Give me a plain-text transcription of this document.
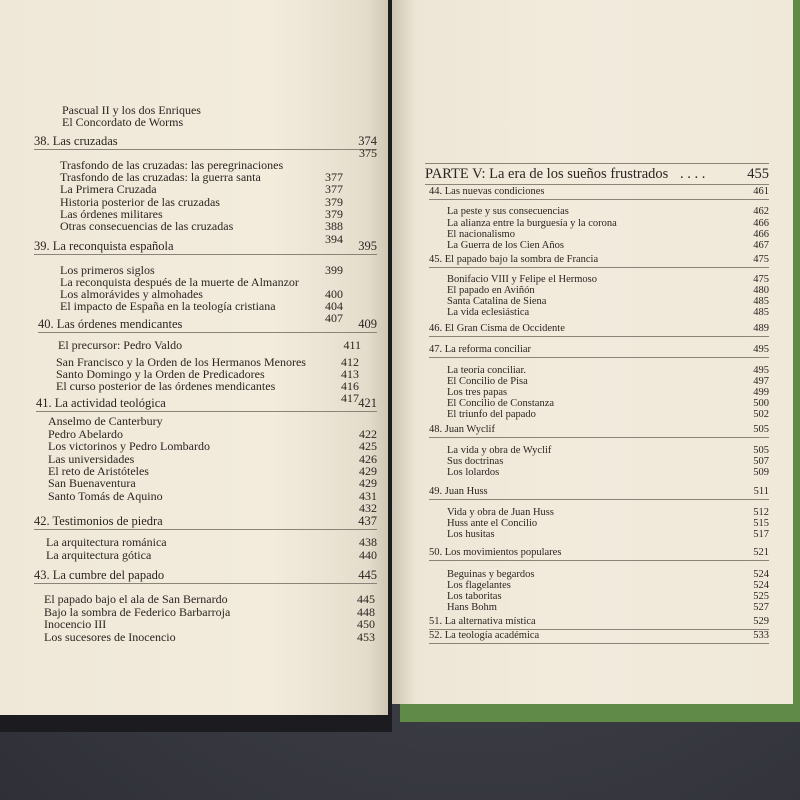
Pascual II y los dos Enriques
El Concordato de Worms
38. Las cruzadas	374
375
Trasfondo de las cruzadas: las peregrinaciones
Trasfondo de las cruzadas: la guerra santa	377
La Primera Cruzada	377
Historia posterior de las cruzadas	379
Las órdenes militares	379
Otras consecuencias de las cruzadas	388
394
39. La reconquista española	395
Los primeros siglos	399
La reconquista después de la muerte de Almanzor
Los almorávides y almohades	400
El impacto de España en la teología cristiana	404
407
40. Las órdenes mendicantes	409
El precursor: Pedro Valdo	411
San Francisco y la Orden de los Hermanos Menores	412
Santo Domingo y la Orden de Predicadores	413
El curso posterior de las órdenes mendicantes	416
417
41. La actividad teológica	421
Anselmo de Canterbury
Pedro Abelardo	422
Los victorinos y Pedro Lombardo	425
Las universidades	426
El reto de Aristóteles	429
San Buenaventura	429
Santo Tomás de Aquino	431
432
42. Testimonios de piedra	437
La arquitectura románica	438
La arquitectura gótica	440
43. La cumbre del papado	445
El papado bajo el ala de San Bernardo	445
Bajo la sombra de Federico Barbarroja	448
Inocencio III	450
Los sucesores de Inocencio	453
44. Las nuevas condiciones	461
La peste y sus consecuencias	462
La alianza entre la burguesía y la corona	466
El nacionalismo	466
La Guerra de los Cien Años	467
45. El papado bajo la sombra de Francia	475
Bonifacio VIII y Felipe el Hermoso	475
El papado en Aviñón	480
Santa Catalina de Siena	485
La vida eclesiástica	485
46. El Gran Cisma de Occidente	489
47. La reforma conciliar	495
La teoría conciliar.	495
El Concilio de Pisa	497
Los tres papas	499
El Concilio de Constanza	500
El triunfo del papado	502
48. Juan Wyclif	505
La vida y obra de Wyclif	505
Sus doctrinas	507
Los lolardos	509
49. Juan Huss	511
Vida y obra de Juan Huss	512
Huss ante el Concilio	515
Los husitas	517
50. Los movimientos populares	521
Beguinas y begardos	524
Los flagelantes	524
Los taboritas	525
Hans Bohm	527
51. La alternativa mística	529
52. La teología académica	533
PARTE V: La era de los sueños frustrados . . . .	455
